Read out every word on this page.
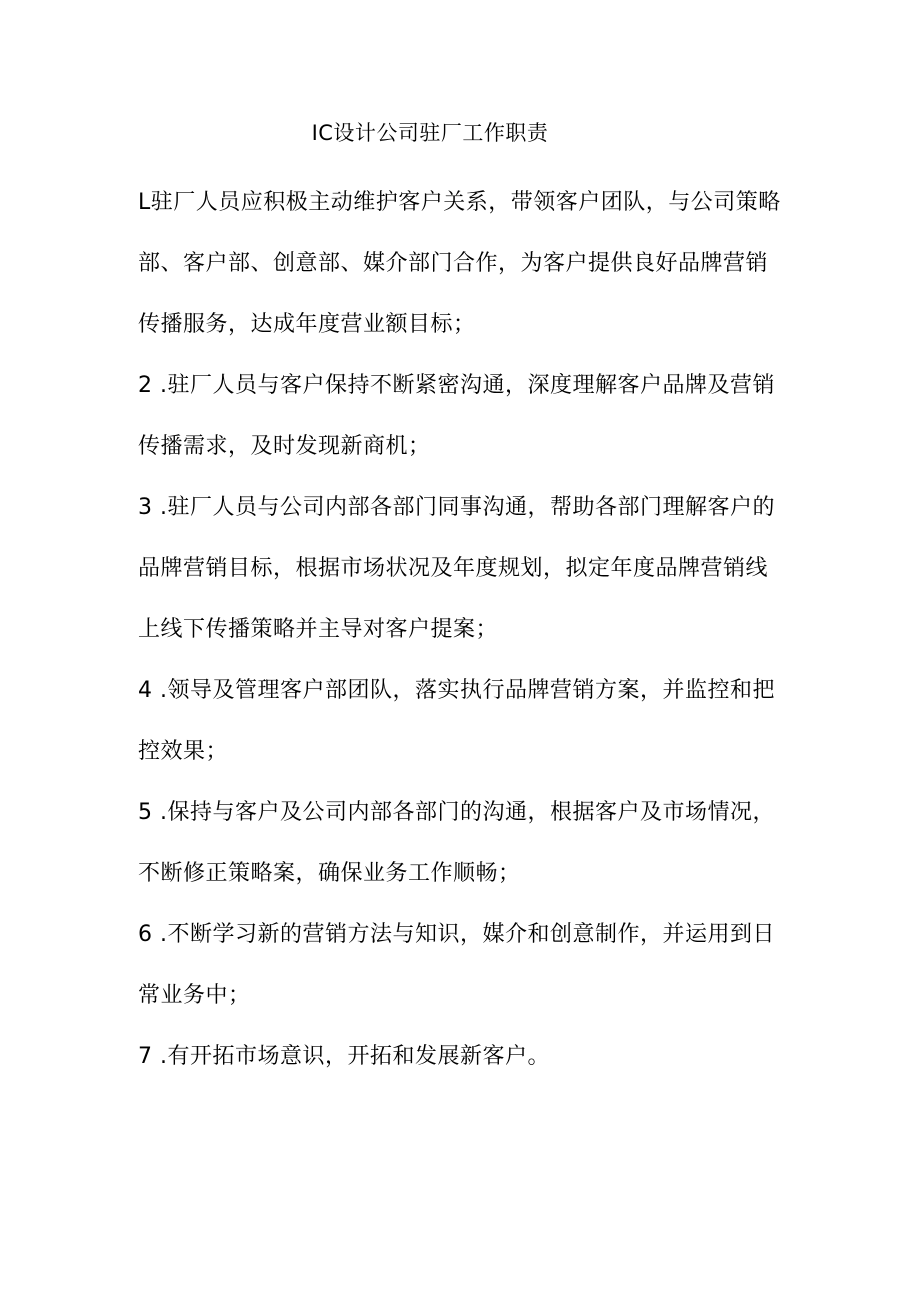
IC设计公司驻厂工作职责

L驻厂人员应积极主动维护客户关系，带领客户团队，与公司策略部、客户部、创意部、媒介部门合作，为客户提供良好品牌营销传播服务，达成年度营业额目标；

2 .驻厂人员与客户保持不断紧密沟通，深度理解客户品牌及营销传播需求，及时发现新商机；

3 .驻厂人员与公司内部各部门同事沟通，帮助各部门理解客户的品牌营销目标，根据市场状况及年度规划，拟定年度品牌营销线上线下传播策略并主导对客户提案；

4 .领导及管理客户部团队，落实执行品牌营销方案，并监控和把控效果；

5 .保持与客户及公司内部各部门的沟通，根据客户及市场情况，不断修正策略案，确保业务工作顺畅；

6 .不断学习新的营销方法与知识，媒介和创意制作，并运用到日常业务中；

7 .有开拓市场意识，开拓和发展新客户。
